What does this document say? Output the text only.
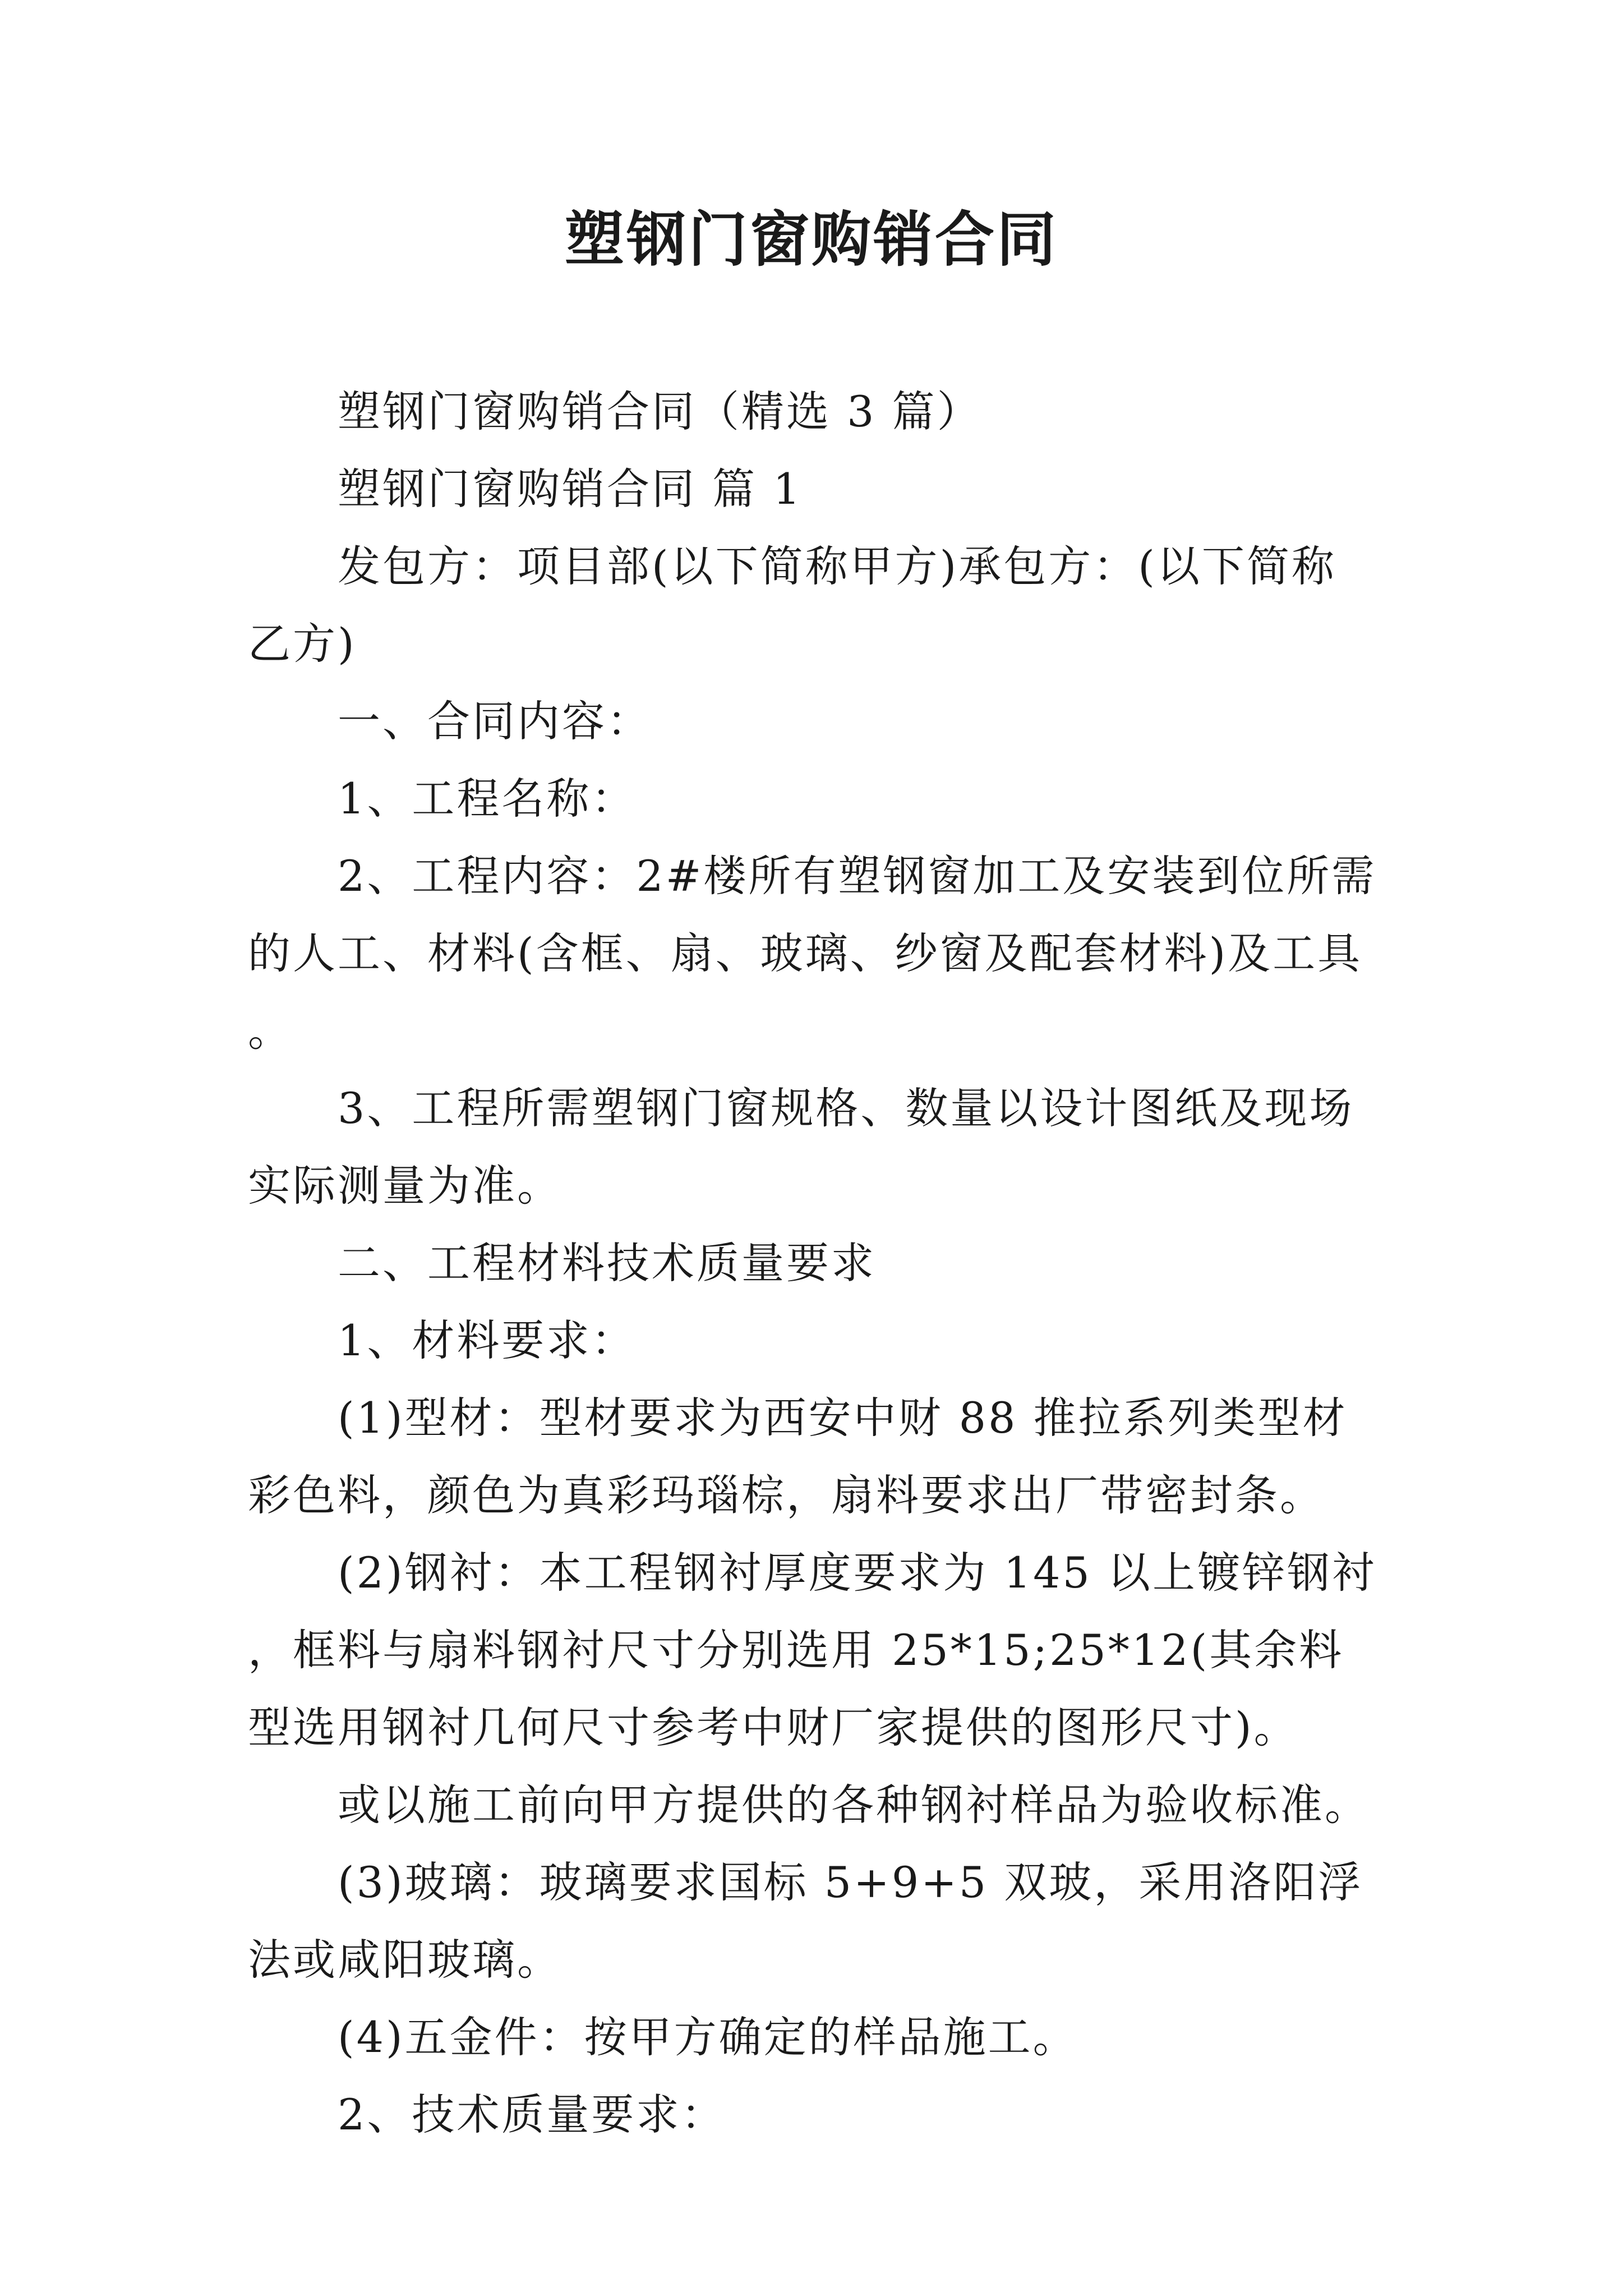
塑钢门窗购销合同

塑钢门窗购销合同（精选 3 篇）

塑钢门窗购销合同 篇 1

发包方：项目部(以下简称甲方)承包方：(以下简称乙方)

一、合同内容：

1、工程名称：

2、工程内容：2#楼所有塑钢窗加工及安装到位所需的人工、材料(含框、扇、玻璃、纱窗及配套材料)及工具。

3、工程所需塑钢门窗规格、数量以设计图纸及现场实际测量为准。

二、工程材料技术质量要求

1、材料要求：

(1)型材：型材要求为西安中财 88 推拉系列类型材彩色料，颜色为真彩玛瑙棕，扇料要求出厂带密封条。

(2)钢衬：本工程钢衬厚度要求为 145 以上镀锌钢衬，框料与扇料钢衬尺寸分别选用 25*15;25*12(其余料型选用钢衬几何尺寸参考中财厂家提供的图形尺寸)。

或以施工前向甲方提供的各种钢衬样品为验收标准。

(3)玻璃：玻璃要求国标 5+9+5 双玻，采用洛阳浮法或咸阳玻璃。

(4)五金件：按甲方确定的样品施工。

2、技术质量要求：
